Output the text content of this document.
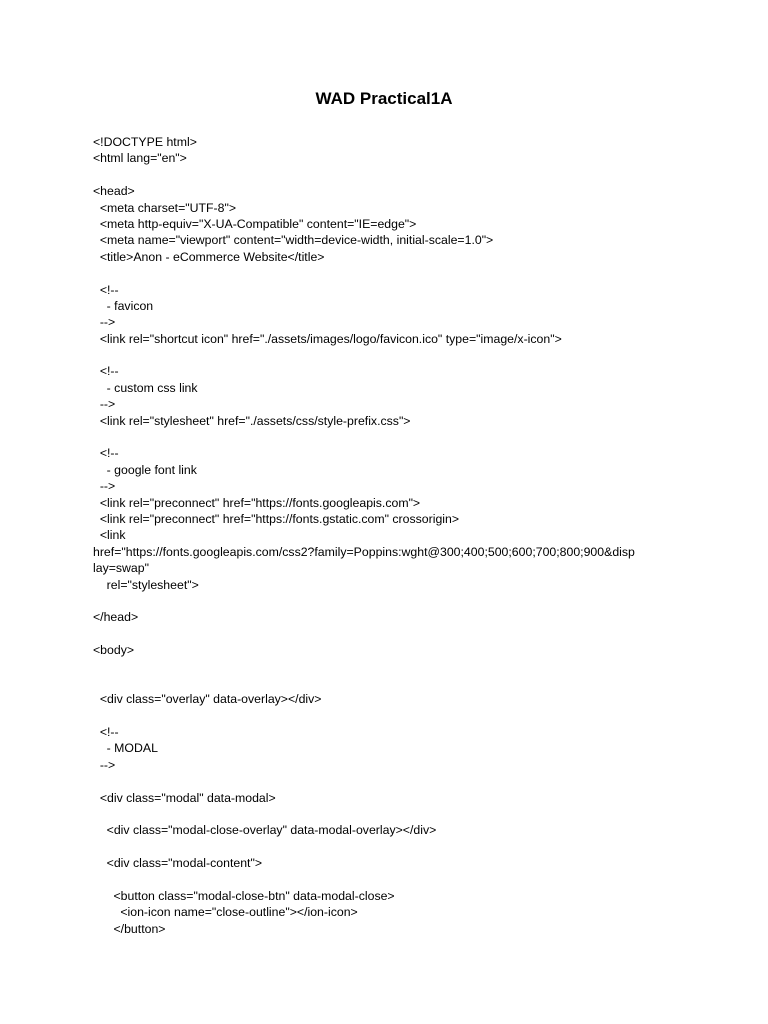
WAD Practical1A
<!DOCTYPE html>
<html lang="en">
<head>
<meta charset="UTF-8">
<meta http-equiv="X-UA-Compatible" content="IE=edge">
<meta name="viewport" content="width=device-width, initial-scale=1.0">
<title>Anon - eCommerce Website</title>
<!--
- favicon
-->
<link rel="shortcut icon" href="./assets/images/logo/favicon.ico" type="image/x-icon">
<!--
- custom css link
-->
<link rel="stylesheet" href="./assets/css/style-prefix.css">
<!--
- google font link
-->
<link rel="preconnect" href="https://fonts.googleapis.com">
<link rel="preconnect" href="https://fonts.gstatic.com" crossorigin>
<link
href="https://fonts.googleapis.com/css2?family=Poppins:wght@300;400;500;600;700;800;900&disp
lay=swap"
rel="stylesheet">
</head>
<body>
<div class="overlay" data-overlay></div>
<!--
- MODAL
-->
<div class="modal" data-modal>
<div class="modal-close-overlay" data-modal-overlay></div>
<div class="modal-content">
<button class="modal-close-btn" data-modal-close>
<ion-icon name="close-outline"></ion-icon>
</button>
